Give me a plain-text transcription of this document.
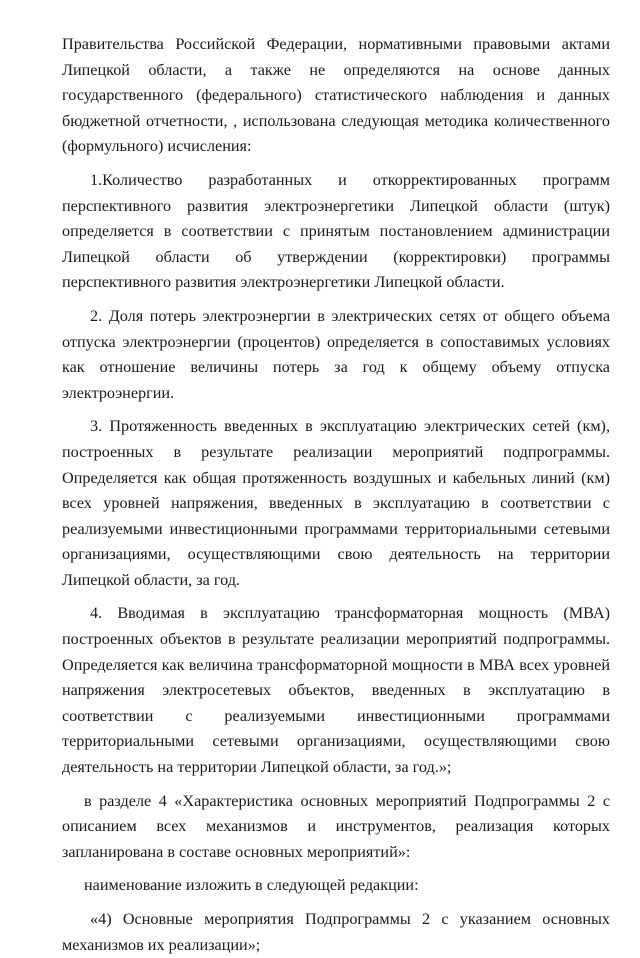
Правительства Российской Федерации, нормативными правовыми актами Липецкой области, а также не определяются на основе данных государственного (федерального) статистического наблюдения и данных бюджетной отчетности, , использована следующая методика количественного (формульного) исчисления:

1.Количество разработанных и откорректированных программ перспективного развития электроэнергетики Липецкой области (штук) определяется в соответствии с принятым постановлением администрации Липецкой области об утверждении (корректировки) программы перспективного развития электроэнергетики Липецкой области.

2. Доля потерь электроэнергии в электрических сетях от общего объема отпуска электроэнергии (процентов) определяется в сопоставимых условиях как отношение величины потерь за год к общему объему отпуска электроэнергии.

3. Протяженность введенных в эксплуатацию электрических сетей (км), построенных в результате реализации мероприятий подпрограммы. Определяется как общая протяженность воздушных и кабельных линий (км) всех уровней напряжения, введенных в эксплуатацию в соответствии с реализуемыми инвестиционными программами территориальными сетевыми организациями, осуществляющими свою деятельность на территории Липецкой области, за год.

4. Вводимая в эксплуатацию трансформаторная мощность (МВА) построенных объектов в результате реализации мероприятий подпрограммы. Определяется как величина трансформаторной мощности в МВА всех уровней напряжения электросетевых объектов, введенных в эксплуатацию в соответствии с реализуемыми инвестиционными программами территориальными сетевыми организациями, осуществляющими свою деятельность на территории Липецкой области, за год.»;

в разделе 4 «Характеристика основных мероприятий Подпрограммы 2 с описанием всех механизмов и инструментов, реализация которых запланирована в составе основных мероприятий»:

наименование изложить в следующей редакции:

«4) Основные мероприятия Подпрограммы 2 с указанием основных механизмов их реализации»;
